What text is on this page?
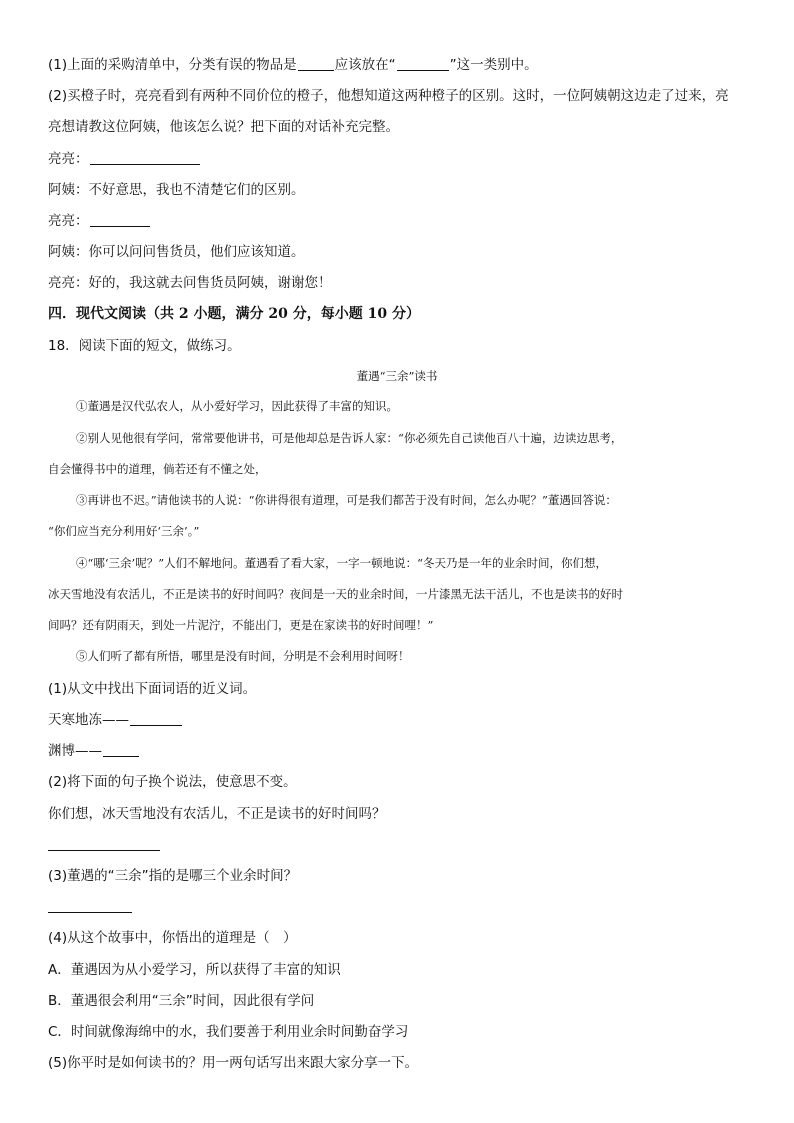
(1)上面的采购清单中，分类有误的物品是	应该放在“	”这一类别中。
(2)买橙子时，亮亮看到有两种不同价位的橙子，他想知道这两种橙子的区别。这时，一位阿姨朝这边走了过来，亮
亮想请教这位阿姨，他该怎么说？把下面的对话补充完整。
亮亮：
阿姨：不好意思，我也不清楚它们的区别。
亮亮：
阿姨：你可以问问售货员，他们应该知道。
亮亮：好的，我这就去问售货员阿姨，谢谢您！
四．现代文阅读（共 2 小题，满分 20 分，每小题 10 分）
18．阅读下面的短文，做练习。
董遇“三余”读书
①董遇是汉代弘农人，从小爱好学习，因此获得了丰富的知识。
②别人见他很有学问，常常要他讲书，可是他却总是告诉人家：“你必须先自己读他百八十遍，边读边思考，
自会懂得书中的道理，倘若还有不懂之处，
③再讲也不迟。”请他读书的人说：“你讲得很有道理，可是我们都苦于没有时间，怎么办呢？”董遇回答说：
“你们应当充分利用好‘三余’。”
④“哪‘三余’呢？”人们不解地问。董遇看了看大家，一字一顿地说：“冬天乃是一年的业余时间，你们想，
冰天雪地没有农活儿，不正是读书的好时间吗？夜间是一天的业余时间，一片漆黑无法干活儿，不也是读书的好时
间吗？还有阴雨天，到处一片泥泞，不能出门，更是在家读书的好时间哩！”
⑤人们听了都有所悟，哪里是没有时间，分明是不会利用时间呀！
(1)从文中找出下面词语的近义词。
天寒地冻——
渊博——
(2)将下面的句子换个说法，使意思不变。
你们想，冰天雪地没有农活儿，不正是读书的好时间吗？
(3)董遇的“三余”指的是哪三个业余时间？
(4)从这个故事中，你悟出的道理是（　）
A．董遇因为从小爱学习，所以获得了丰富的知识
B．董遇很会利用“三余”时间，因此很有学问
C．时间就像海绵中的水，我们要善于利用业余时间勤奋学习
(5)你平时是如何读书的？用一两句话写出来跟大家分享一下。
